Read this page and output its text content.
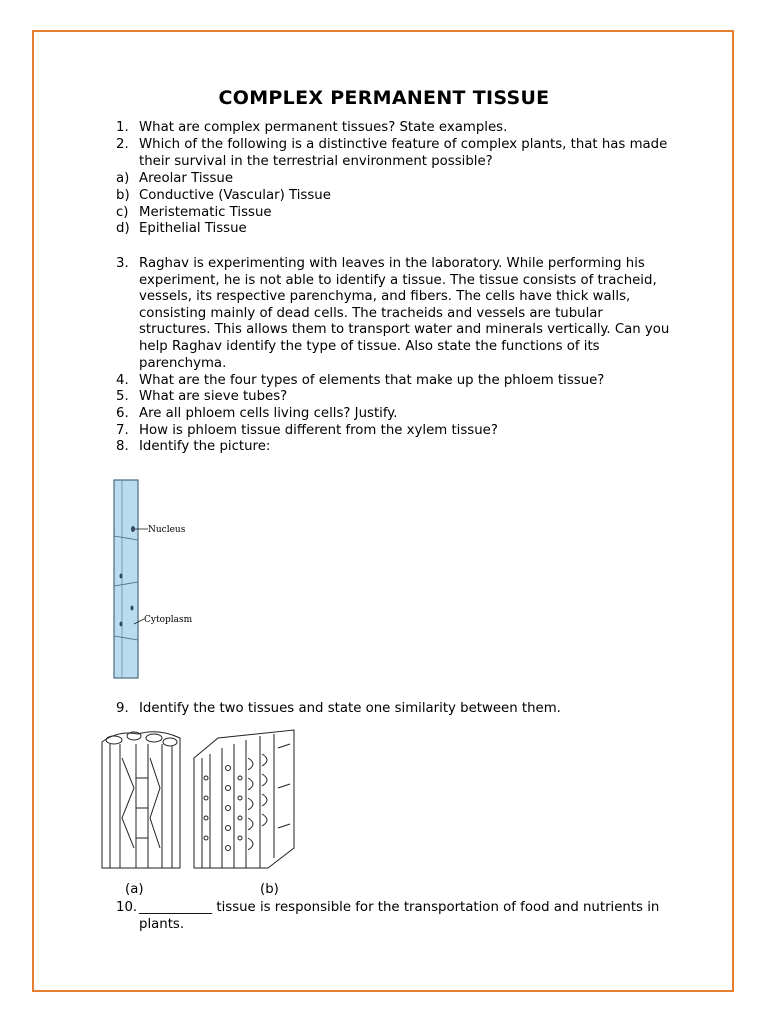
COMPLEX PERMANENT TISSUE
1. What are complex permanent tissues? State examples.
2. Which of the following is a distinctive feature of complex plants, that has made their survival in the terrestrial environment possible?
a) Areolar Tissue
b) Conductive (Vascular) Tissue
c) Meristematic Tissue
d) Epithelial Tissue
3. Raghav is experimenting with leaves in the laboratory. While performing his experiment, he is not able to identify a tissue. The tissue consists of tracheid, vessels, its respective parenchyma, and fibers. The cells have thick walls, consisting mainly of dead cells. The tracheids and vessels are tubular structures. This allows them to transport water and minerals vertically. Can you help Raghav identify the type of tissue. Also state the functions of its parenchyma.
4. What are the four types of elements that make up the phloem tissue?
5. What are sieve tubes?
6. Are all phloem cells living cells? Justify.
7. How is phloem tissue different from the xylem tissue?
8. Identify the picture:
Nucleus
Cytoplasm
9. Identify the two tissues and state one similarity between them.
(a)	(b)
10. ___________ tissue is responsible for the transportation of food and nutrients in plants.
